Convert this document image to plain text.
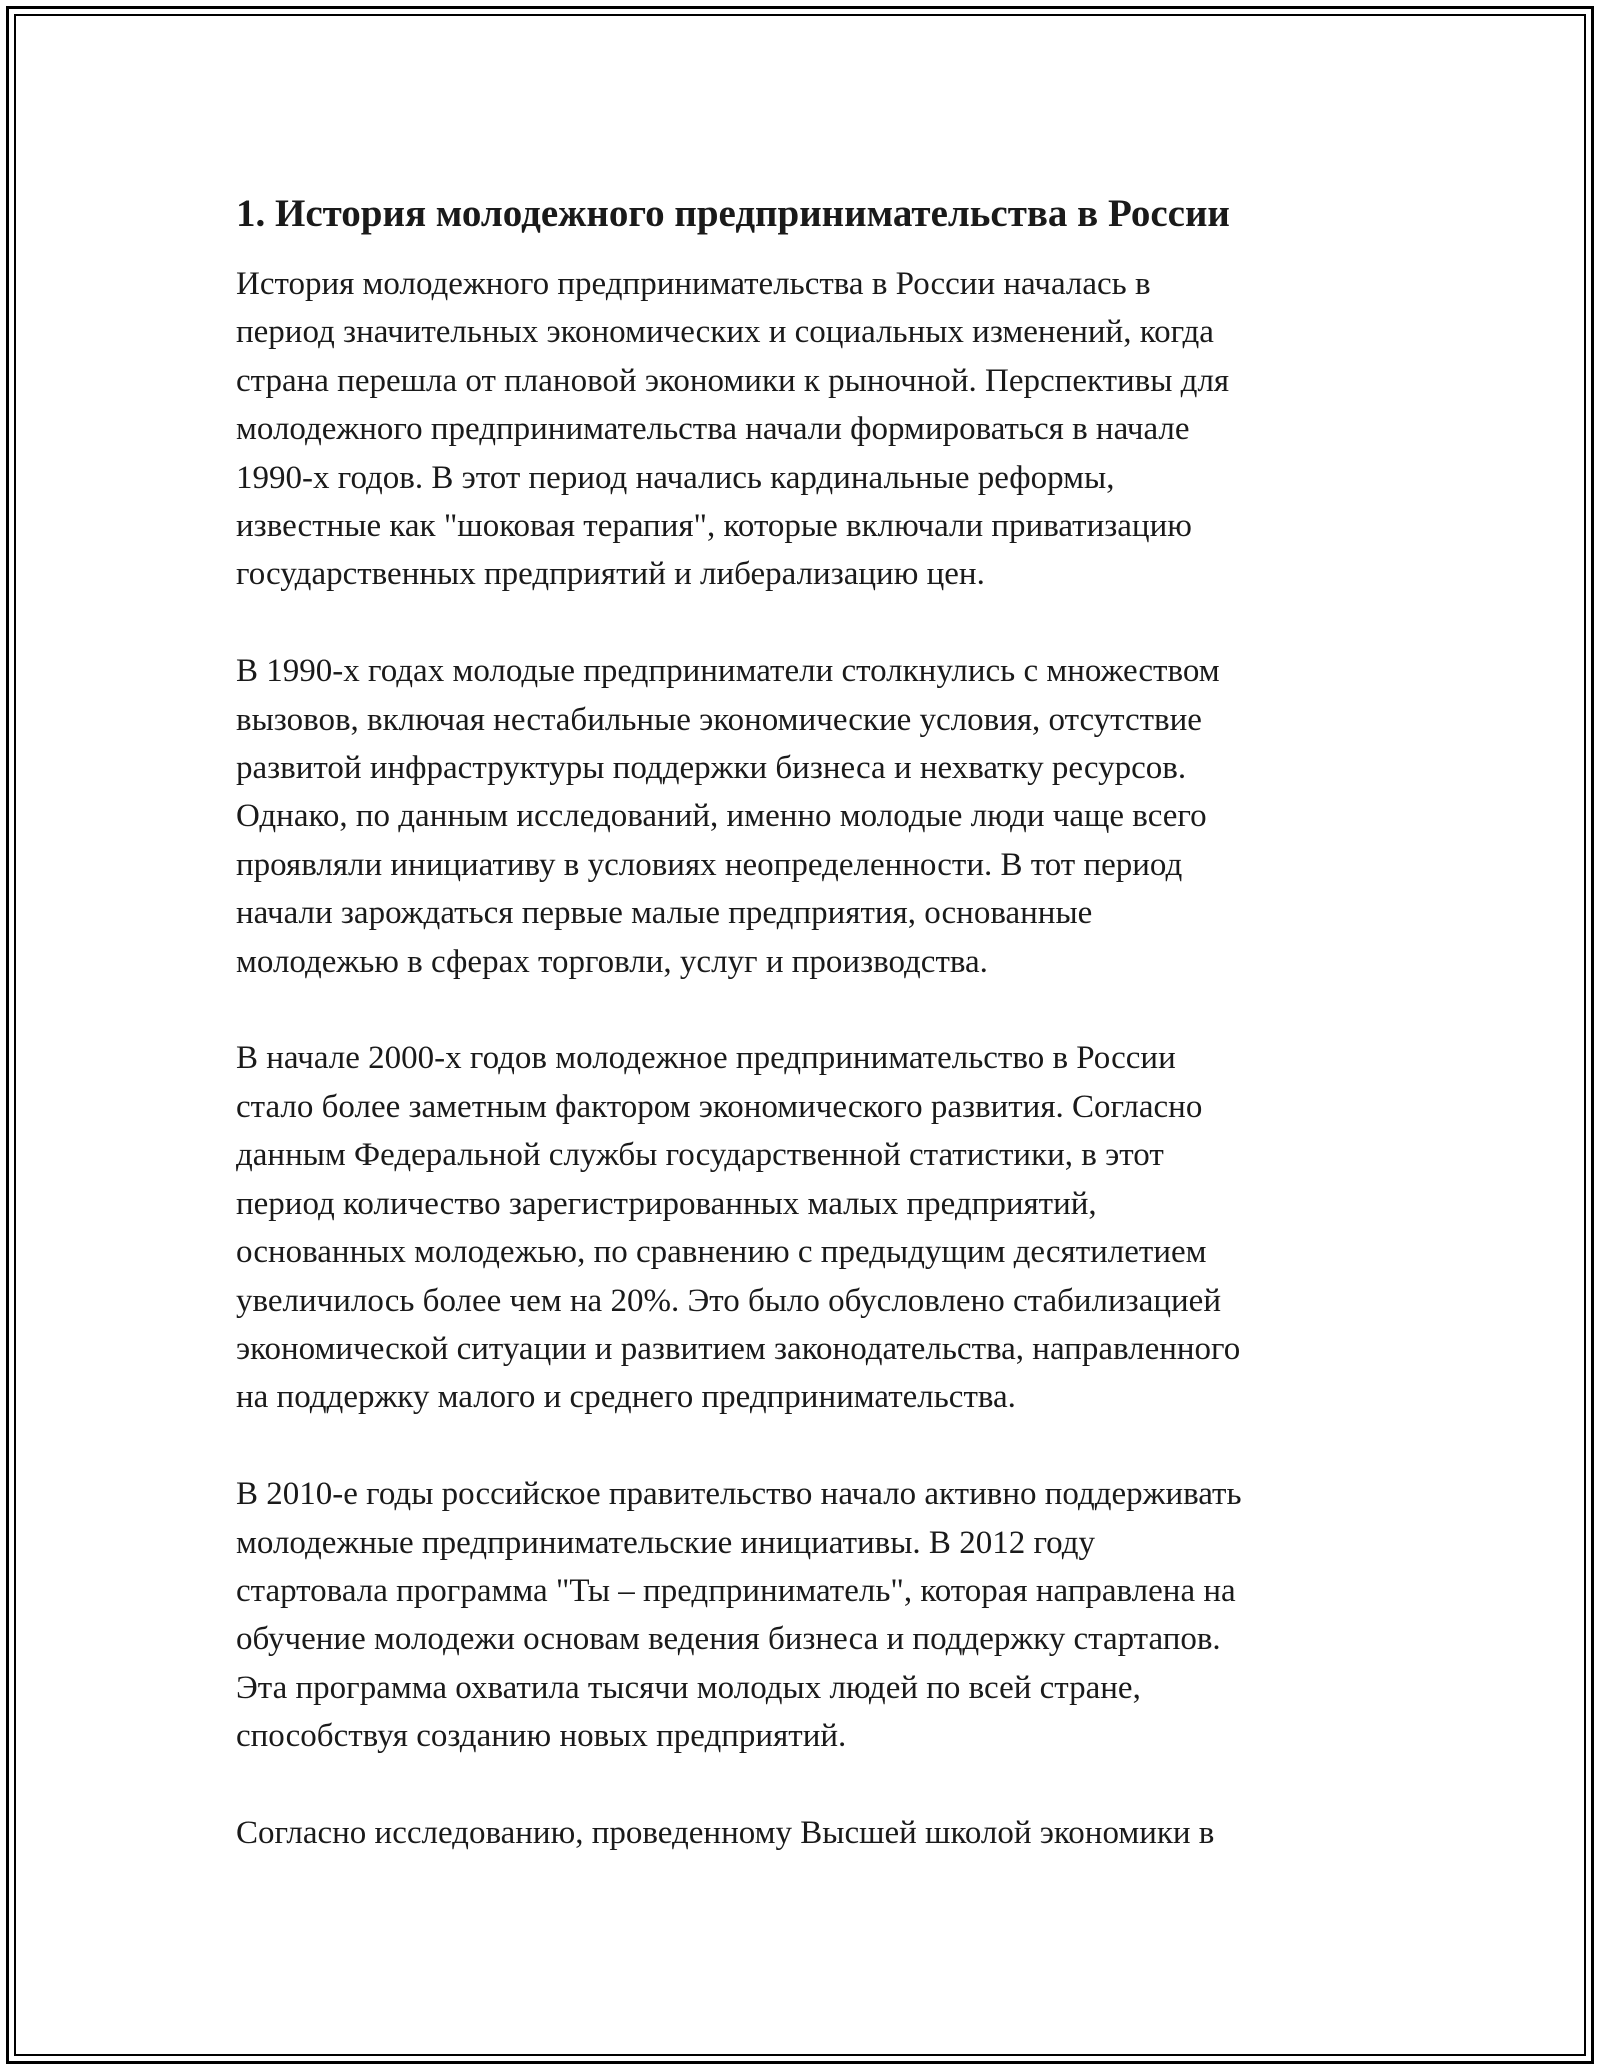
1. История молодежного предпринимательства в России

История молодежного предпринимательства в России началась в
период значительных экономических и социальных изменений, когда
страна перешла от плановой экономики к рыночной. Перспективы для
молодежного предпринимательства начали формироваться в начале
1990-х годов. В этот период начались кардинальные реформы,
известные как "шоковая терапия", которые включали приватизацию
государственных предприятий и либерализацию цен.

В 1990-х годах молодые предприниматели столкнулись с множеством
вызовов, включая нестабильные экономические условия, отсутствие
развитой инфраструктуры поддержки бизнеса и нехватку ресурсов.
Однако, по данным исследований, именно молодые люди чаще всего
проявляли инициативу в условиях неопределенности. В тот период
начали зарождаться первые малые предприятия, основанные
молодежью в сферах торговли, услуг и производства.

В начале 2000-х годов молодежное предпринимательство в России
стало более заметным фактором экономического развития. Согласно
данным Федеральной службы государственной статистики, в этот
период количество зарегистрированных малых предприятий,
основанных молодежью, по сравнению с предыдущим десятилетием
увеличилось более чем на 20%. Это было обусловлено стабилизацией
экономической ситуации и развитием законодательства, направленного
на поддержку малого и среднего предпринимательства.

В 2010-е годы российское правительство начало активно поддерживать
молодежные предпринимательские инициативы. В 2012 году
стартовала программа "Ты – предприниматель", которая направлена на
обучение молодежи основам ведения бизнеса и поддержку стартапов.
Эта программа охватила тысячи молодых людей по всей стране,
способствуя созданию новых предприятий.

Согласно исследованию, проведенному Высшей школой экономики в
